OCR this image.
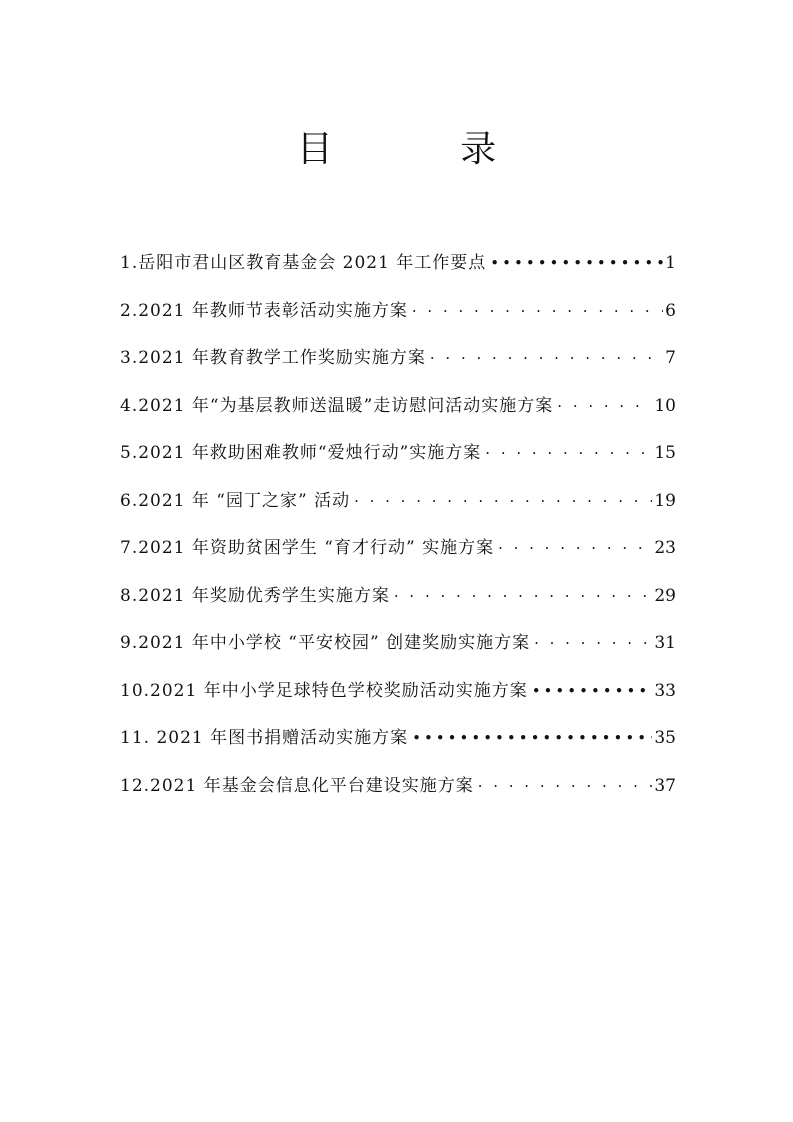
目 录
1.岳阳市君山区教育基金会 2021 年工作要点 •••••	1
2.2021 年教师节表彰活动实施方案 · · ·	6
3.2021 年教育教学工作奖励实施方案 · · ·	7
4.2021 年“为基层教师送温暖”走访慰问活动实施方案 · · ·	10
5.2021 年救助困难教师“爱烛行动”实施方案 · · ·	15
6.2021 年 “园丁之家” 活动 · · ·	19
7.2021 年资助贫困学生 “育才行动” 实施方案 · · ·	23
8.2021 年奖励优秀学生实施方案 · · ·	29
9.2021 年中小学校 “平安校园” 创建奖励实施方案 · · ·	31
10.2021 年中小学足球特色学校奖励活动实施方案 •••••	33
11. 2021 年图书捐赠活动实施方案 •••••	35
12.2021 年基金会信息化平台建设实施方案 · · ·	37
